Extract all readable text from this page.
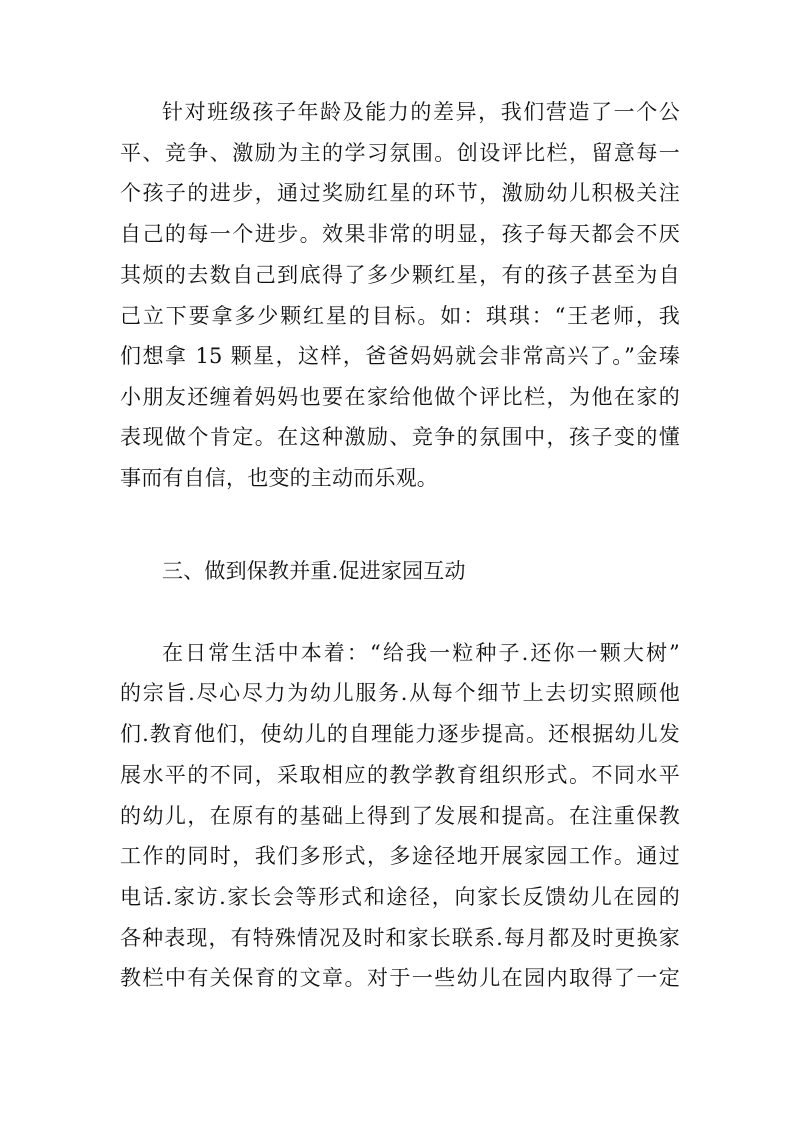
针对班级孩子年龄及能力的差异，我们营造了一个公
平、竞争、激励为主的学习氛围。创设评比栏，留意每一
个孩子的进步，通过奖励红星的环节，激励幼儿积极关注
自己的每一个进步。效果非常的明显，孩子每天都会不厌
其烦的去数自己到底得了多少颗红星，有的孩子甚至为自
己立下要拿多少颗红星的目标。如：琪琪：“王老师，我
们想拿 15 颗星，这样，爸爸妈妈就会非常高兴了。”金瑧
小朋友还缠着妈妈也要在家给他做个评比栏，为他在家的
表现做个肯定。在这种激励、竞争的氛围中，孩子变的懂
事而有自信，也变的主动而乐观。
三、做到保教并重.促进家园互动
在日常生活中本着：“给我一粒种子.还你一颗大树”
的宗旨.尽心尽力为幼儿服务.从每个细节上去切实照顾他
们.教育他们，使幼儿的自理能力逐步提高。还根据幼儿发
展水平的不同，采取相应的教学教育组织形式。不同水平
的幼儿，在原有的基础上得到了发展和提高。在注重保教
工作的同时，我们多形式，多途径地开展家园工作。通过
电话.家访.家长会等形式和途径，向家长反馈幼儿在园的
各种表现，有特殊情况及时和家长联系.每月都及时更换家
教栏中有关保育的文章。对于一些幼儿在园内取得了一定
